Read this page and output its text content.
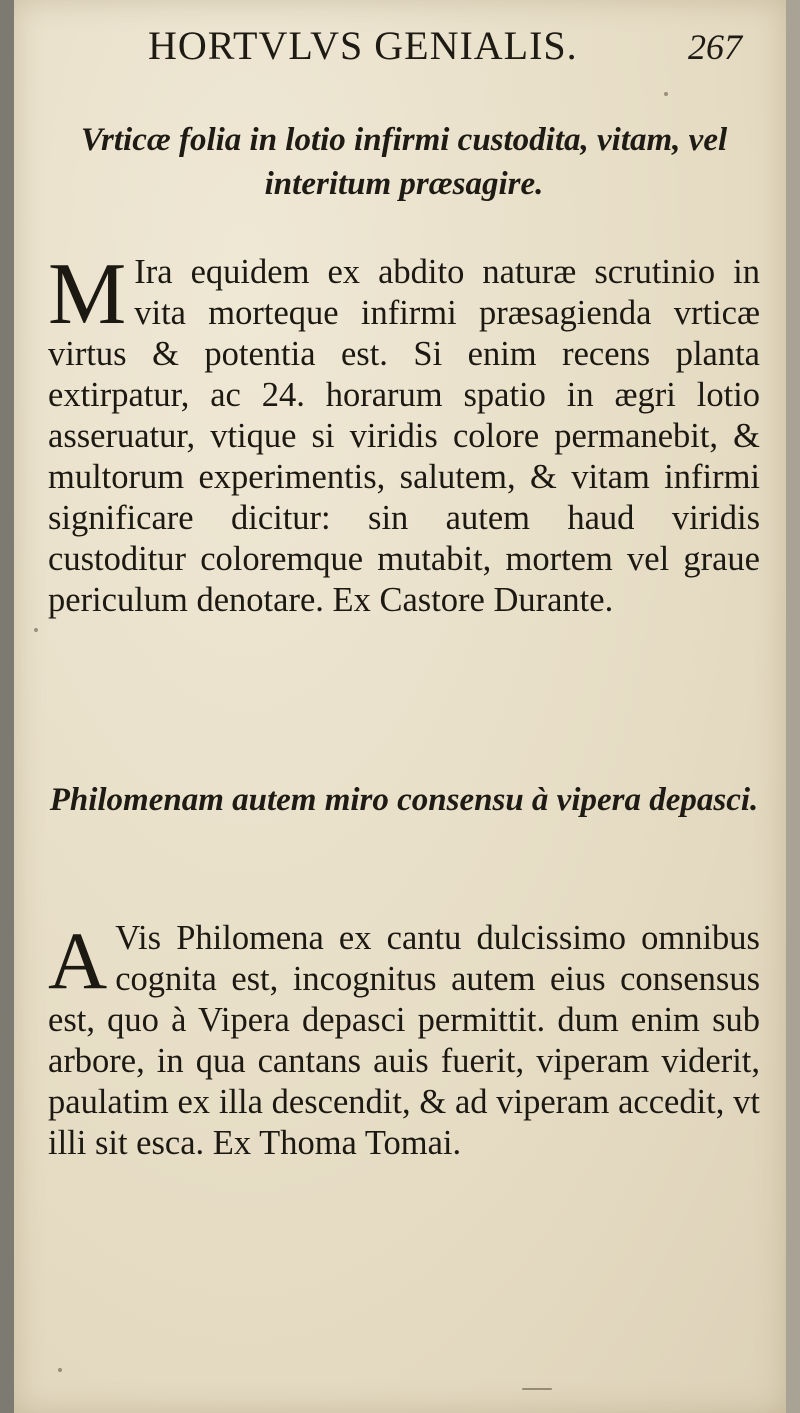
HORTVLVS GENIALIS.	267
Vrticæ folia in lotio infirmi custodita, vitam, vel interitum præsagire.
M Ira equidem ex abdito naturæ scrutinio in vita morteque infirmi præsagienda vrticæ virtus & potentia est. Si enim recens planta extirpatur, ac 24. horarum spatio in ægri lotio asseruatur, vtique si viridis colore permanebit, & multorum experimentis, salutem, & vitam infirmi significare dicitur: sin autem haud viridis custoditur coloremque mutabit, mortem vel graue periculum denotare. Ex Castore Durante.
Philomenam autem miro consensu à vipera depasci.
A Vis Philomena ex cantu dulcissimo omnibus cognita est, incognitus autem eius consensus est, quo à Vipera depasci permittit. dum enim sub arbore, in qua cantans auis fuerit, viperam viderit, paulatim ex illa descendit, & ad viperam accedit, vt illi sit esca. Ex Thoma Tomai.
